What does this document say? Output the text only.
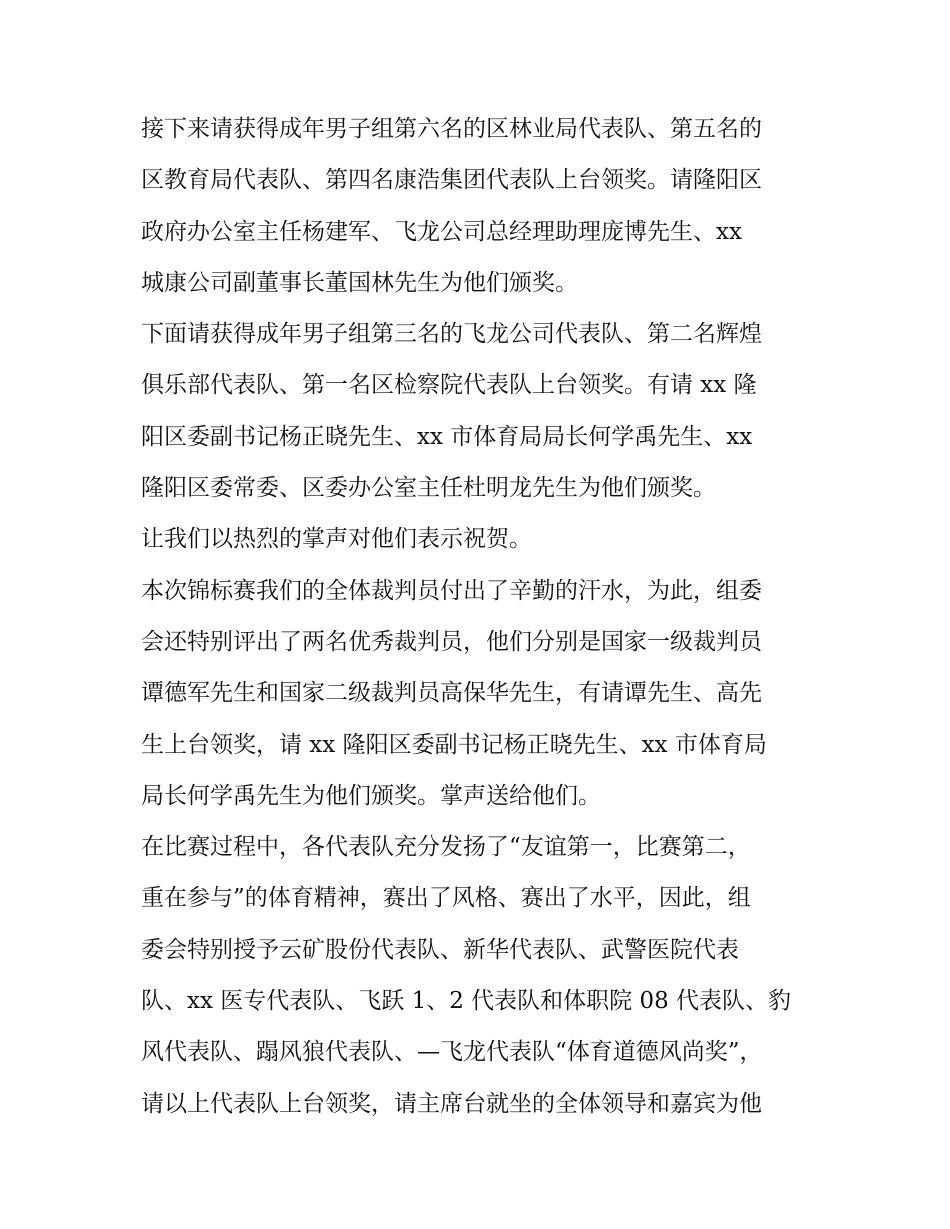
接下来请获得成年男子组第六名的区林业局代表队、第五名的
区教育局代表队、第四名康浩集团代表队上台领奖。请隆阳区
政府办公室主任杨建军、飞龙公司总经理助理庞博先生、xx
城康公司副董事长董国林先生为他们颁奖。
下面请获得成年男子组第三名的飞龙公司代表队、第二名辉煌
俱乐部代表队、第一名区检察院代表队上台领奖。有请 xx 隆
阳区委副书记杨正晓先生、xx 市体育局局长何学禹先生、xx
隆阳区委常委、区委办公室主任杜明龙先生为他们颁奖。
让我们以热烈的掌声对他们表示祝贺。
本次锦标赛我们的全体裁判员付出了辛勤的汗水，为此，组委
会还特别评出了两名优秀裁判员，他们分别是国家一级裁判员
谭德军先生和国家二级裁判员高保华先生，有请谭先生、高先
生上台领奖，请 xx 隆阳区委副书记杨正晓先生、xx 市体育局
局长何学禹先生为他们颁奖。掌声送给他们。
在比赛过程中，各代表队充分发扬了“友谊第一，比赛第二，
重在参与”的体育精神，赛出了风格、赛出了水平，因此，组
委会特别授予云矿股份代表队、新华代表队、武警医院代表
队、xx 医专代表队、飞跃 1、2 代表队和体职院 08 代表队、豹
风代表队、蹋风狼代表队、—飞龙代表队“体育道德风尚奖”，
请以上代表队上台领奖，请主席台就坐的全体领导和嘉宾为他
